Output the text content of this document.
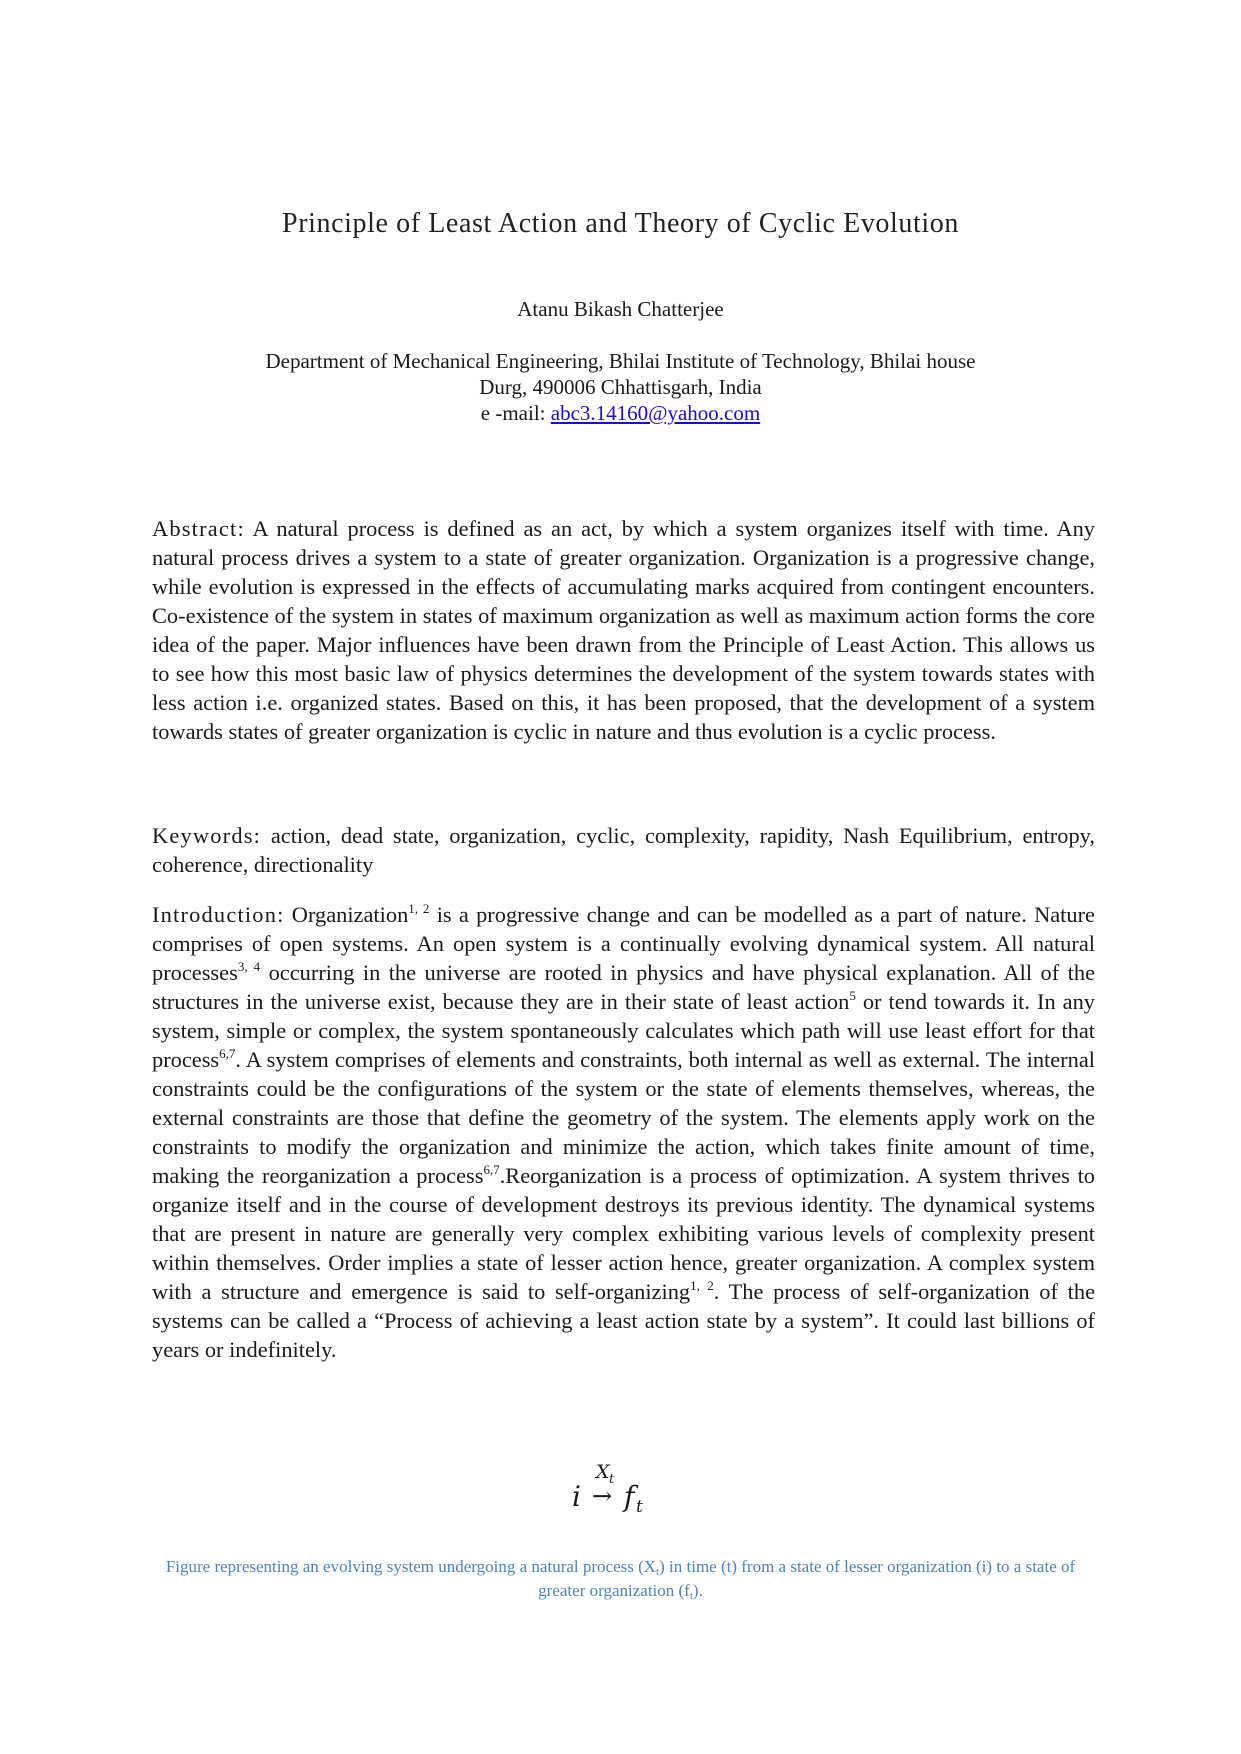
Principle of Least Action and Theory of Cyclic Evolution
Atanu Bikash Chatterjee
Department of Mechanical Engineering, Bhilai Institute of Technology, Bhilai house
Durg, 490006 Chhattisgarh, India
e -mail: abc3.14160@yahoo.com
Abstract: A natural process is defined as an act, by which a system organizes itself with time. Any natural process drives a system to a state of greater organization. Organization is a progressive change, while evolution is expressed in the effects of accumulating marks acquired from contingent encounters. Co-existence of the system in states of maximum organization as well as maximum action forms the core idea of the paper. Major influences have been drawn from the Principle of Least Action. This allows us to see how this most basic law of physics determines the development of the system towards states with less action i.e. organized states. Based on this, it has been proposed, that the development of a system towards states of greater organization is cyclic in nature and thus evolution is a cyclic process.
Keywords: action, dead state, organization, cyclic, complexity, rapidity, Nash Equilibrium, entropy, coherence, directionality
Introduction: Organization$^{1, 2}$ is a progressive change and can be modelled as a part of nature. Nature comprises of open systems. An open system is a continually evolving dynamical system. All natural processes$^{3, 4}$ occurring in the universe are rooted in physics and have physical explanation. All of the structures in the universe exist, because they are in their state of least action$^5$ or tend towards it. In any system, simple or complex, the system spontaneously calculates which path will use least effort for that process$^{6,7}$. A system comprises of elements and constraints, both internal as well as external. The internal constraints could be the configurations of the system or the state of elements themselves, whereas, the external constraints are those that define the geometry of the system. The elements apply work on the constraints to modify the organization and minimize the action, which takes finite amount of time, making the reorganization a process$^{6,7}$.Reorganization is a process of optimization. A system thrives to organize itself and in the course of development destroys its previous identity. The dynamical systems that are present in nature are generally very complex exhibiting various levels of complexity present within themselves. Order implies a state of lesser action hence, greater organization. A complex system with a structure and emergence is said to self-organizing$^{1, 2}$. The process of self-organization of the systems can be called a “Process of achieving a least action state by a system”. It could last billions of years or indefinitely.
X t
i → f t
Figure representing an evolving system undergoing a natural process $(X_t)$ in time (t) from a state of lesser organization (i) to a state of greater organization $(f_t)$.
